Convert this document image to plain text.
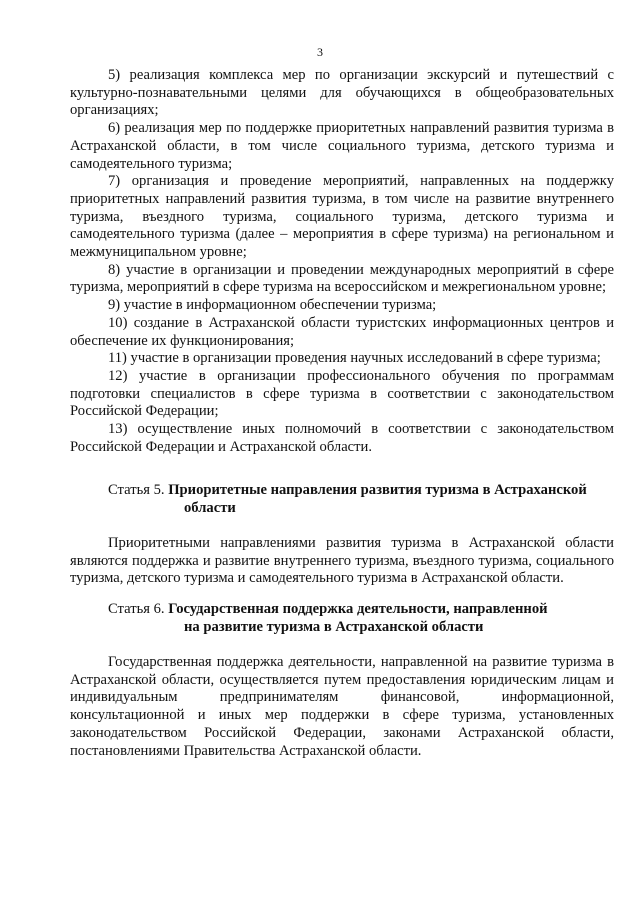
3

5) реализация комплекса мер по организации экскурсий и путешествий с культурно-познавательными целями для обучающихся в общеобразовательных организациях;

6) реализация мер по поддержке приоритетных направлений развития туризма в Астраханской области, в том числе социального туризма, детского туризма и самодеятельного туризма;

7) организация и проведение мероприятий, направленных на поддержку приоритетных направлений развития туризма, в том числе на развитие внутреннего туризма, въездного туризма, социального туризма, детского туризма и самодеятельного туризма (далее – мероприятия в сфере туризма) на региональном и межмуниципальном уровне;

8) участие в организации и проведении международных мероприятий в сфере туризма, мероприятий в сфере туризма на всероссийском и межрегиональном уровне;

9) участие в информационном обеспечении туризма;

10) создание в Астраханской области туристских информационных центров и обеспечение их функционирования;

11) участие в организации проведения научных исследований в сфере туризма;

12) участие в организации профессионального обучения по программам подготовки специалистов в сфере туризма в соответствии с законодательством Российской Федерации;

13) осуществление иных полномочий в соответствии с законодательством Российской Федерации и Астраханской области.

Статья 5. Приоритетные направления развития туризма в Астраханской
области

Приоритетными направлениями развития туризма в Астраханской области являются поддержка и развитие внутреннего туризма, въездного туризма, социального туризма, детского туризма и самодеятельного туризма в Астраханской области.

Статья 6. Государственная поддержка деятельности, направленной
на развитие туризма в Астраханской области

Государственная поддержка деятельности, направленной на развитие туризма в Астраханской области, осуществляется путем предоставления юридическим лицам и индивидуальным предпринимателям финансовой, информационной, консультационной и иных мер поддержки в сфере туризма, установленных законодательством Российской Федерации, законами Астраханской области, постановлениями Правительства Астраханской области.
